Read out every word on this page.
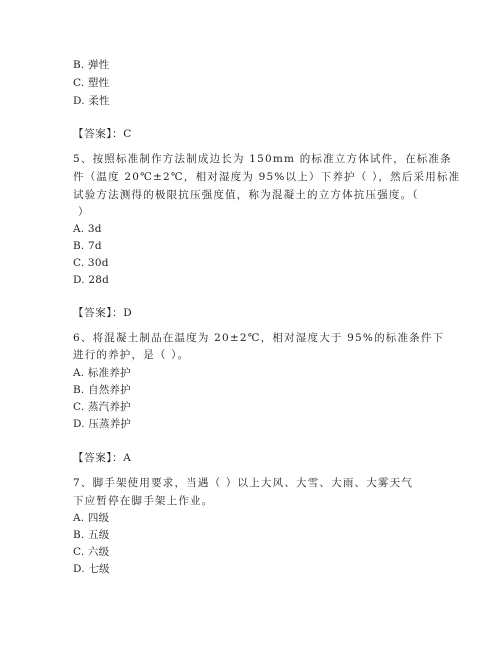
B. 弹性
C. 塑性
D. 柔性
【答案】：C
5、按照标准制作方法制成边长为 150mm 的标准立方体试件，在标准条
件（温度 20℃±2℃，相对湿度为 95%以上）下养护（ ），然后采用标准
试验方法测得的极限抗压强度值，称为混凝土的立方体抗压强度。（
）
A. 3d
B. 7d
C. 30d
D. 28d
【答案】：D
6、将混凝土制品在温度为 20±2℃，相对湿度大于 95%的标准条件下
进行的养护，是（ ）。
A. 标准养护
B. 自然养护
C. 蒸汽养护
D. 压蒸养护
【答案】：A
7、脚手架使用要求，当遇（ ）以上大风、大雪、大雨、大雾天气
下应暂停在脚手架上作业。
A. 四级
B. 五级
C. 六级
D. 七级
